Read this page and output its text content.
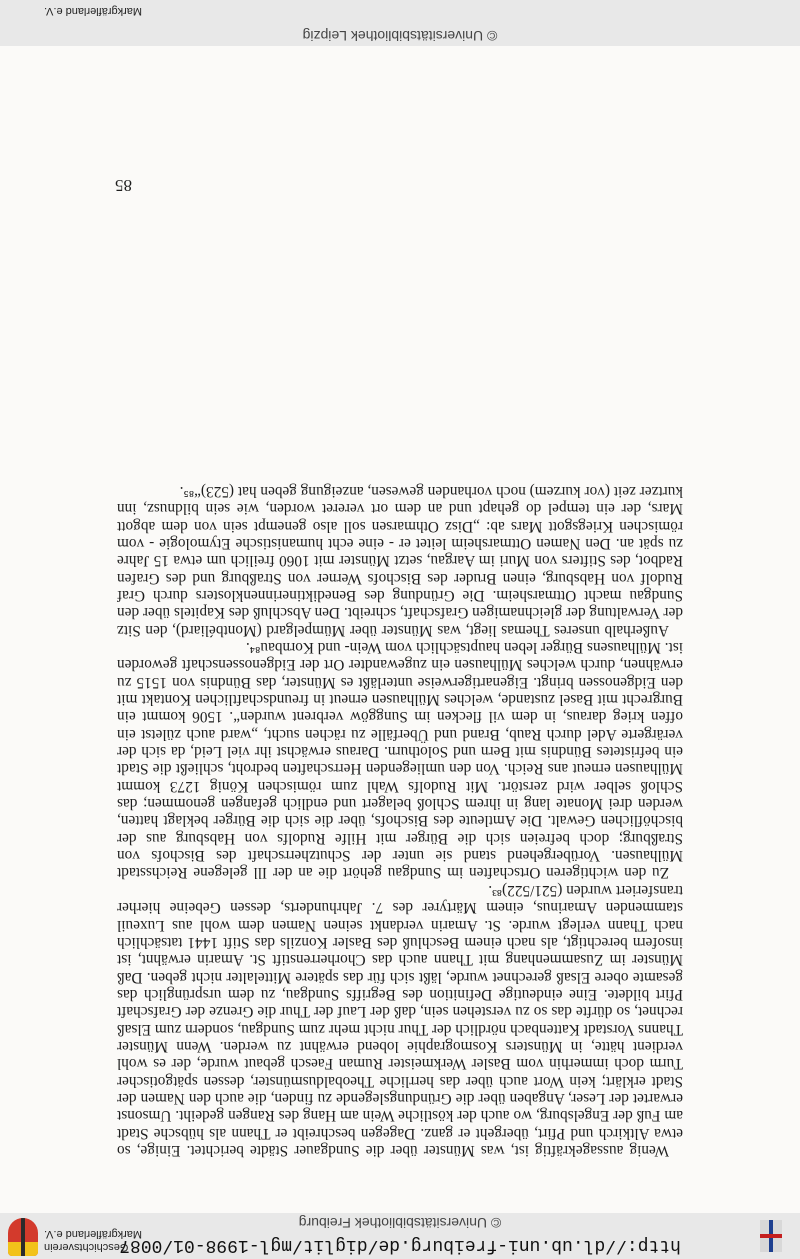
http://dl.ub.uni-freiburg.de/diglit/mgl-1998-01/0087
© Universitätsbibliothek Freiburg
Geschichtsverein Markgräflerland e.V.

Wenig aussagekräftig ist, was Münster über die Sundgauer Städte berichtet. Einige, so etwa Altkirch und Pfirt, übergeht er ganz. Dagegen beschreibt er Thann als hübsche Stadt am Fuß der Engelsburg, wo auch der köstliche Wein am Hang des Rangen gedeiht. Umsonst erwartet der Leser, Angaben über die Gründungslegende zu finden, die auch den Namen der Stadt erklärt; kein Wort auch über das herrliche Theobaldusmünster, dessen spätgotischer Turm doch immerhin vom Basler Werkmeister Ruman Faesch gebaut wurde, der es wohl verdient hätte, in Münsters Kosmographie lobend erwähnt zu werden. Wenn Münster Thanns Vorstadt Kattenbach nördlich der Thur nicht mehr zum Sundgau, sondern zum Elsaß rechnet, so dürfte das so zu verstehen sein, daß der Lauf der Thur die Grenze der Grafschaft Pfirt bildete. Eine eindeutige Definition des Begriffs Sundgau, zu dem ursprünglich das gesamte obere Elsaß gerechnet wurde, läßt sich für das spätere Mittelalter nicht geben. Daß Münster im Zusammenhang mit Thann auch das Chorherrenstift St. Amarin erwähnt, ist insofern berechtigt, als nach einem Beschluß des Basler Konzils das Stift 1441 tatsächlich nach Thann verlegt wurde. St. Amarin verdankt seinen Namen dem wohl aus Luxeuil stammenden Amarinus, einem Märtyrer des 7. Jahrhunderts, dessen Gebeine hierher transferiert wurden (521/522)⁸³.

Zu den wichtigeren Ortschaften im Sundgau gehört die an der Ill gelegene Reichsstadt Mülhausen. Vorübergehend stand sie unter der Schutzherrschaft des Bischofs von Straßburg; doch befreien sich die Bürger mit Hilfe Rudolfs von Habsburg aus der bischöflichen Gewalt. Die Amtleute des Bischofs, über die sich die Bürger beklagt hatten, werden drei Monate lang in ihrem Schloß belagert und endlich gefangen genommen; das Schloß selber wird zerstört. Mit Rudolfs Wahl zum römischen König 1273 kommt Mülhausen erneut ans Reich. Von den umliegenden Herrschaften bedroht, schließt die Stadt ein befristetes Bündnis mit Bern und Solothurn. Daraus erwächst ihr viel Leid, da sich der verärgerte Adel durch Raub, Brand und Überfälle zu rächen sucht, „ward auch zületst ein offen krieg daraus, in dem vil flecken im Sunggöw verbrent wurden“. 1506 kommt ein Burgrecht mit Basel zustande, welches Mülhausen erneut in freundschaftlichen Kontakt mit den Eidgenossen bringt. Eigenartigerweise unterläßt es Münster, das Bündnis von 1515 zu erwähnen, durch welches Mülhausen ein zugewandter Ort der Eidgenossenschaft geworden ist. Mülhausens Bürger leben hauptsächlich vom Wein- und Kornbau⁸⁴.

Außerhalb unseres Themas liegt, was Münster über Mümpelgard (Montbéliard), den Sitz der Verwaltung der gleichnamigen Grafschaft, schreibt. Den Abschluß des Kapitels über den Sundgau macht Ottmarsheim. Die Gründung des Benediktinerinnenklosters durch Graf Rudolf von Habsburg, einen Bruder des Bischofs Werner von Straßburg und des Grafen Radbot, des Stifters von Muri im Aargau, setzt Münster mit 1060 freilich um etwa 15 Jahre zu spät an. Den Namen Ottmarsheim leitet er - eine echt humanistische Etymologie - vom römischen Kriegsgott Mars ab: „Disz Othmarsen soll also genempt sein von dem abgott Mars, der ein tempel do gehapt und an dem ort vereret worden, wie sein bildnusz, inn kurtzer zeit (vor kurzem) noch vorhanden gewesen, anzeigung geben hat (523)“⁸⁵.

85
© Universitätsbibliothek Leipzig
Markgräflerland e.V.
